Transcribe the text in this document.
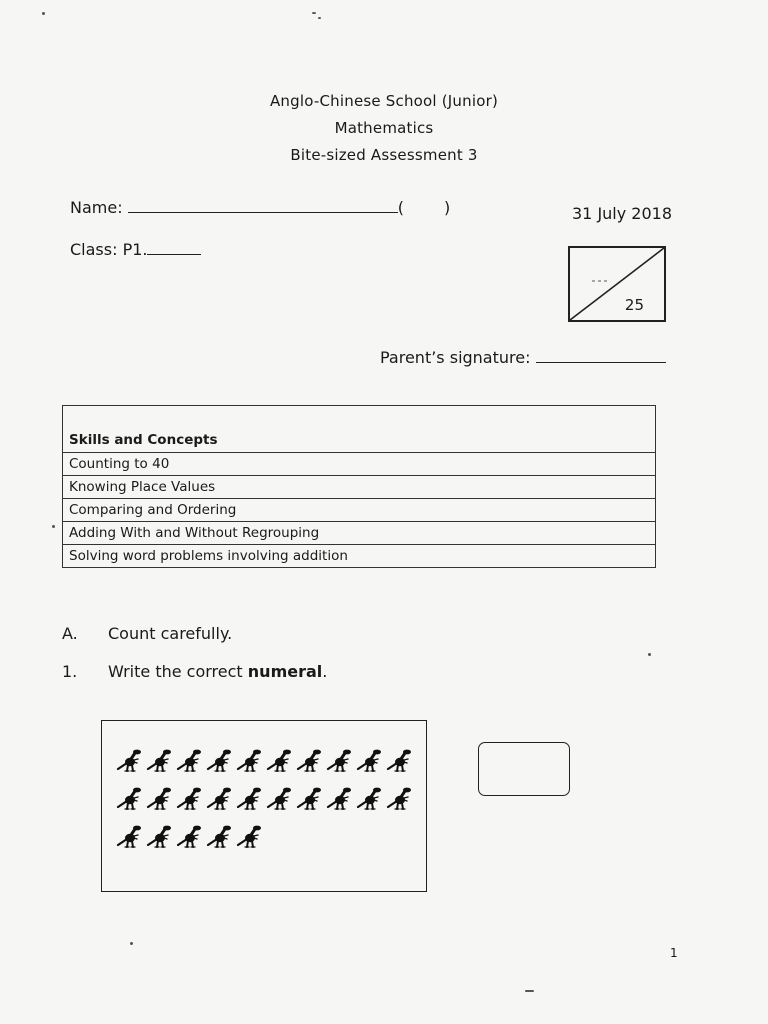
Anglo-Chinese School (Junior)
Mathematics
Bite-sized Assessment 3
Name:	(	)	31 July 2018
Class: P1.
25
Parent’s signature:
Skills and Concepts
Counting to 40
Knowing Place Values
Comparing and Ordering
Adding With and Without Regrouping
Solving word problems involving addition
A. Count carefully.
1. Write the correct numeral.
1
